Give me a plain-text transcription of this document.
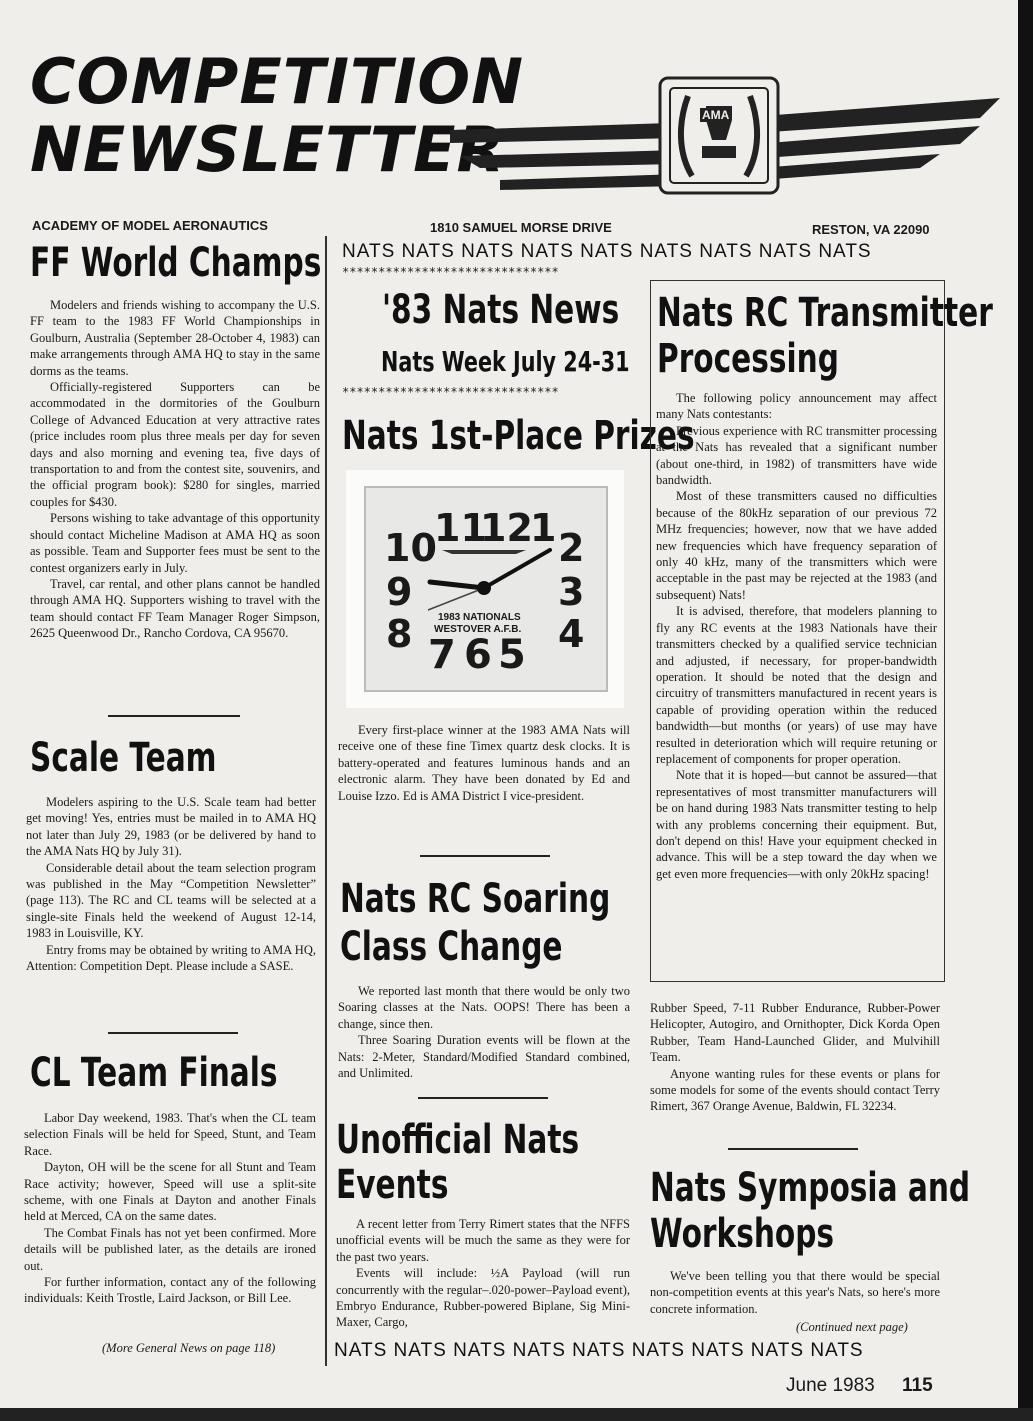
COMPETITION
NEWSLETTER	AMA
ACADEMY OF MODEL AERONAUTICS	1810 SAMUEL MORSE DRIVE	RESTON, VA 22090
NATS NATS NATS NATS NATS NATS NATS NATS NATS
******************************
FF World Champs

Modelers and friends wishing to accompany the U.S. FF team to the 1983 FF World Championships in Goulburn, Australia (September 28-October 4, 1983) can make arrangements through AMA HQ to stay in the same dorms as the teams.

Officially-registered Supporters can be accommodated in the dormitories of the Goulburn College of Advanced Education at very attractive rates (price includes room plus three meals per day for seven days and also morning and evening tea, five days of transportation to and from the contest site, souvenirs, and the official program book): $280 for singles, married couples for $430.

Persons wishing to take advantage of this opportunity should contact Micheline Madison at AMA HQ as soon as possible. Team and Supporter fees must be sent to the contest organizers early in July.

Travel, car rental, and other plans cannot be handled through AMA HQ. Supporters wishing to travel with the team should contact FF Team Manager Roger Simpson, 2625 Queenwood Dr., Rancho Cordova, CA 95670.

Scale Team

Modelers aspiring to the U.S. Scale team had better get moving! Yes, entries must be mailed in to AMA HQ not later than July 29, 1983 (or be delivered by hand to the AMA Nats HQ by July 31).

Considerable detail about the team selection program was published in the May “Competition Newsletter” (page 113). The RC and CL teams will be selected at a single-site Finals held the weekend of August 12-14, 1983 in Louisville, KY.

Entry froms may be obtained by writing to AMA HQ, Attention: Competition Dept. Please include a SASE.

CL Team Finals

Labor Day weekend, 1983. That's when the CL team selection Finals will be held for Speed, Stunt, and Team Race.

Dayton, OH will be the scene for all Stunt and Team Race activity; however, Speed will use a split-site scheme, with one Finals at Dayton and another Finals held at Merced, CA on the same dates.

The Combat Finals has not yet been confirmed. More details will be published later, as the details are ironed out.

For further information, contact any of the following individuals: Keith Trostle, Laird Jackson, or Bill Lee.

(More General News on page 118)
'83 Nats News
Nats Week July 24-31
******************************
Nats 1st-Place Prizes
10
11
12
1 2
9	3
8	4
7 6 5
1983 NATIONALS
WESTOVER A.F.B.

Every first-place winner at the 1983 AMA Nats will receive one of these fine Timex quartz desk clocks. It is battery-operated and features luminous hands and an electronic alarm. They have been donated by Ed and Louise Izzo. Ed is AMA District I vice-president.

Nats RC Soaring
Class Change

We reported last month that there would be only two Soaring classes at the Nats. OOPS! There has been a change, since then.

Three Soaring Duration events will be flown at the Nats: 2-Meter, Standard/Modified Standard combined, and Unlimited.

Unofficial Nats
Events

A recent letter from Terry Rimert states that the NFFS unofficial events will be much the same as they were for the past two years.

Events will include: ½A Payload (will run concurrently with the regular–.020-power–Payload event), Embryo Endurance, Rubber-powered Biplane, Sig Mini-Maxer, Cargo,

Nats RC Transmitter
Processing

The following policy announcement may affect many Nats contestants:

Previous experience with RC transmitter processing at the Nats has revealed that a significant number (about one-third, in 1982) of transmitters have wide bandwidth.

Most of these transmitters caused no difficulties because of the 80kHz separation of our previous 72 MHz frequencies; however, now that we have added new frequencies which have frequency separation of only 40 kHz, many of the transmitters which were acceptable in the past may be rejected at the 1983 (and subsequent) Nats!

It is advised, therefore, that modelers planning to fly any RC events at the 1983 Nationals have their transmitters checked by a qualified service technician and adjusted, if necessary, for proper-bandwidth operation. It should be noted that the design and circuitry of transmitters manufactured in recent years is capable of providing operation within the reduced bandwidth—but months (or years) of use may have resulted in deterioration which will require retuning or replacement of components for proper operation.

Note that it is hoped—but cannot be assured—that representatives of most transmitter manufacturers will be on hand during 1983 Nats transmitter testing to help with any problems concerning their equipment. But, don't depend on this! Have your equipment checked in advance. This will be a step toward the day when we get even more frequencies—with only 20kHz spacing!

Rubber Speed, 7-11 Rubber Endurance, Rubber-Power Helicopter, Autogiro, and Ornithopter, Dick Korda Open Rubber, Team Hand-Launched Glider, and Mulvihill Team.

Anyone wanting rules for these events or plans for some models for some of the events should contact Terry Rimert, 367 Orange Avenue, Baldwin, FL 32234.

Nats Symposia and
Workshops

We've been telling you that there would be special non-competition events at this year's Nats, so here's more concrete information.

(Continued next page)
NATS NATS NATS NATS NATS NATS NATS NATS NATS
June 1983 115
